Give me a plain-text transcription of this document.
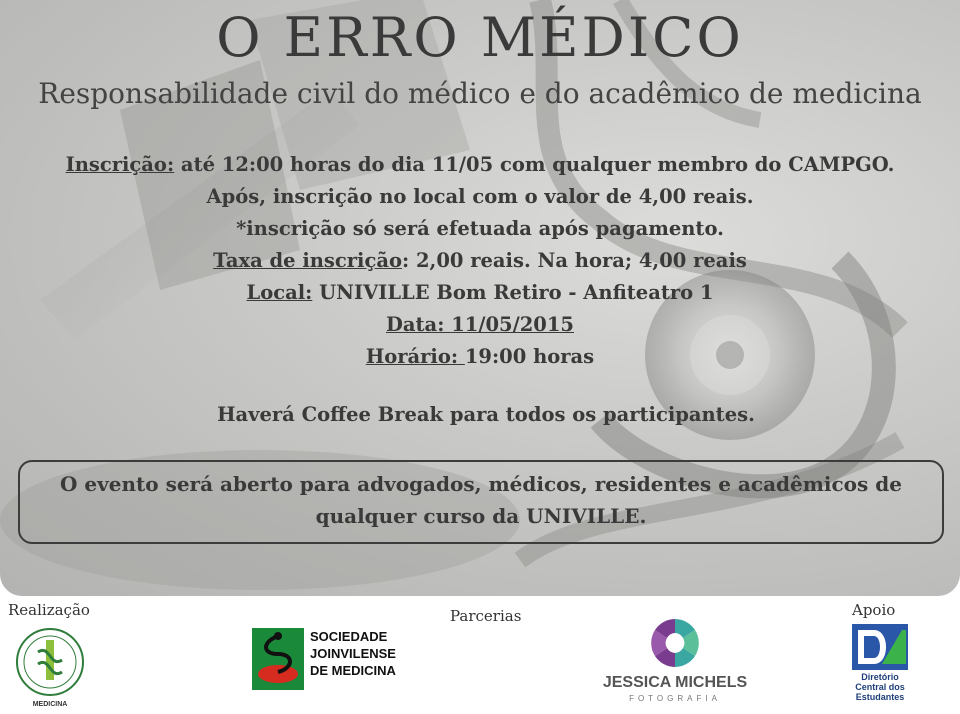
O ERRO MÉDICO

Responsabilidade civil do médico e do acadêmico de medicina

Inscrição: até 12:00 horas do dia 11/05 com qualquer membro do CAMPGO.
Após, inscrição no local com o valor de 4,00 reais.
*inscrição só será efetuada após pagamento.
Taxa de inscrição: 2,00 reais. Na hora; 4,00 reais
Local: UNIVILLE Bom Retiro - Anfiteatro 1
Data: 11/05/2015
Horário: 19:00 horas
Haverá Coffee Break para todos os participantes.
O evento será aberto para advogados, médicos, residentes e acadêmicos de qualquer curso da UNIVILLE.
Realização	Parcerias	Apoio
MEDICINA
SOCIEDADE
JOINVILENSE
DE MEDICINA
JESSICA MICHELS
FOTOGRAFIA
Diretório
Central dos
Estudantes
